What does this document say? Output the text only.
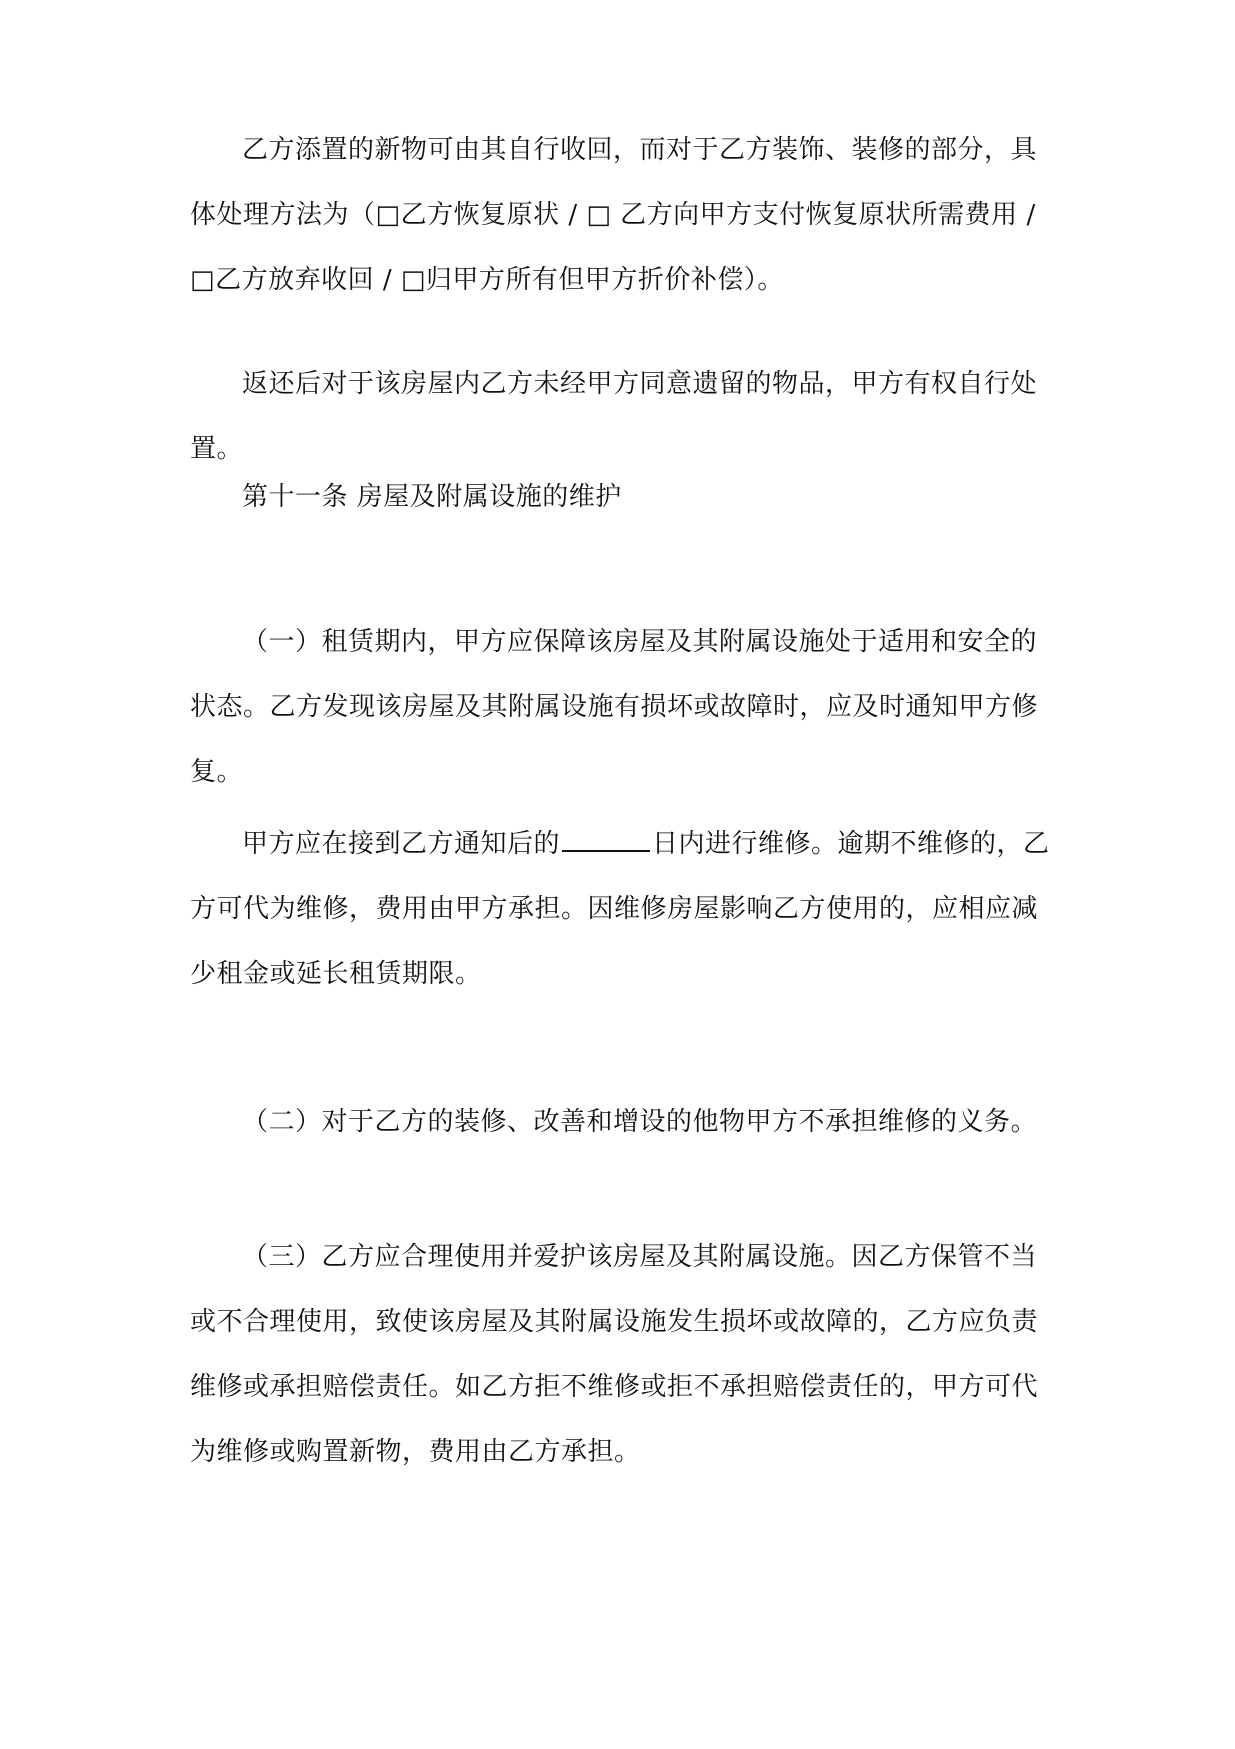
乙方添置的新物可由其自行收回，而对于乙方装饰、装修的部分，具体处理方法为（□乙方恢复原状 / □ 乙方向甲方支付恢复原状所需费用 / □乙方放弃收回 / □归甲方所有但甲方折价补偿）。

返还后对于该房屋内乙方未经甲方同意遗留的物品，甲方有权自行处置。

第十一条 房屋及附属设施的维护

（一）租赁期内，甲方应保障该房屋及其附属设施处于适用和安全的状态。乙方发现该房屋及其附属设施有损坏或故障时，应及时通知甲方修复。

甲方应在接到乙方通知后的	日内进行维修。逾期不维修的，乙方可代为维修，费用由甲方承担。因维修房屋影响乙方使用的，应相应减少租金或延长租赁期限。

（二）对于乙方的装修、改善和增设的他物甲方不承担维修的义务。

（三）乙方应合理使用并爱护该房屋及其附属设施。因乙方保管不当或不合理使用，致使该房屋及其附属设施发生损坏或故障的，乙方应负责维修或承担赔偿责任。如乙方拒不维修或拒不承担赔偿责任的，甲方可代为维修或购置新物，费用由乙方承担。
